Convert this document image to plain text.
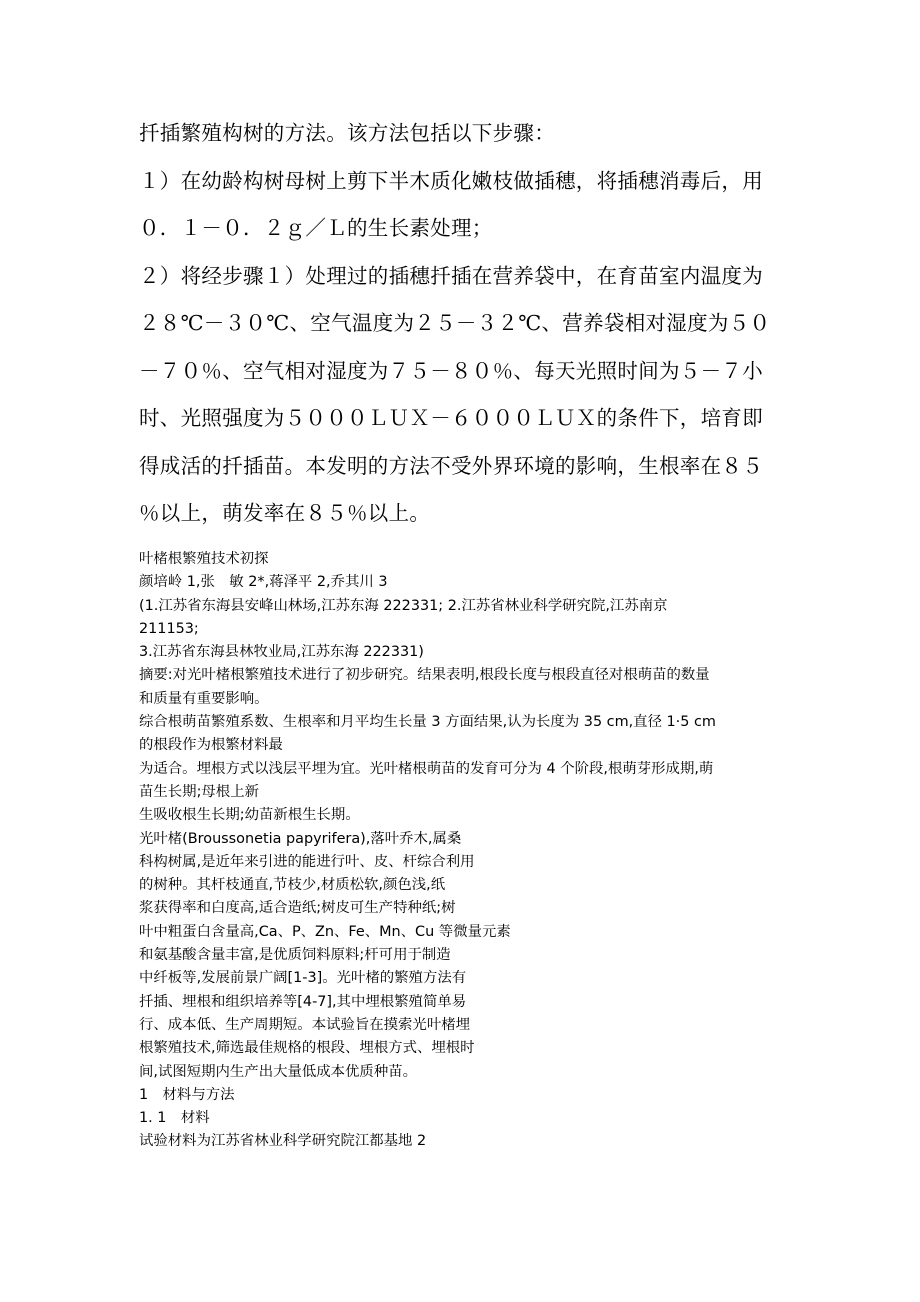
扦插繁殖构树的方法。该方法包括以下步骤：

１）在幼龄构树母树上剪下半木质化嫩枝做插穗，将插穗消毒后，用

０．１－０．２ｇ／Ｌ的生长素处理；

２）将经步骤１）处理过的插穗扦插在营养袋中，在育苗室内温度为

２８℃－３０℃、空气温度为２５－３２℃、营养袋相对湿度为５０

－７０％、空气相对湿度为７５－８０％、每天光照时间为５－７小

时、光照强度为５０００ＬＵＸ－６０００ＬＵＸ的条件下，培育即

得成活的扦插苗。本发明的方法不受外界环境的影响，生根率在８５

％以上，萌发率在８５％以上。

叶楮根繁殖技术初探

颜培岭 1,张　敏 2*,蒋泽平 2,乔其川 3

(1.江苏省东海县安峰山林场,江苏东海 222331; 2.江苏省林业科学研究院,江苏南京

211153;

3.江苏省东海县林牧业局,江苏东海 222331)

摘要:对光叶楮根繁殖技术进行了初步研究。结果表明,根段长度与根段直径对根萌苗的数量

和质量有重要影响。

综合根萌苗繁殖系数、生根率和月平均生长量 3 方面结果,认为长度为 35 cm,直径 1·5 cm

的根段作为根繁材料最

为适合。埋根方式以浅层平埋为宜。光叶楮根萌苗的发育可分为 4 个阶段,根萌芽形成期,萌

苗生长期;母根上新

生吸收根生长期;幼苗新根生长期。

光叶楮(Broussonetia papyrifera),落叶乔木,属桑

科构树属,是近年来引进的能进行叶、皮、杆综合利用

的树种。其杆枝通直,节枝少,材质松软,颜色浅,纸

浆获得率和白度高,适合造纸;树皮可生产特种纸;树

叶中粗蛋白含量高,Ca、P、Zn、Fe、Mn、Cu 等微量元素

和氨基酸含量丰富,是优质饲料原料;杆可用于制造

中纤板等,发展前景广阔[1-3]。光叶楮的繁殖方法有

扦插、埋根和组织培养等[4-7],其中埋根繁殖简单易

行、成本低、生产周期短。本试验旨在摸索光叶楮埋

根繁殖技术,筛选最佳规格的根段、埋根方式、埋根时

间,试图短期内生产出大量低成本优质种苗。

1　材料与方法

1. 1　材料

试验材料为江苏省林业科学研究院江都基地 2
